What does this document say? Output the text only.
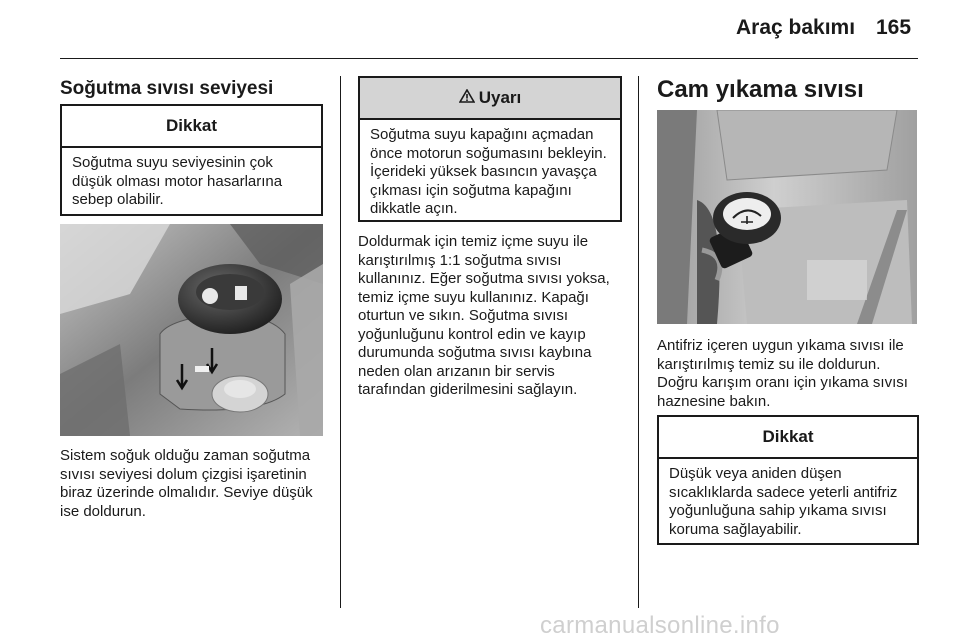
Araç bakımı 165
Soğutma sıvısı seviyesi
Dikkat
Soğutma suyu seviyesinin çok düşük olması motor hasarlarına sebep olabilir.

Sistem soğuk olduğu zaman soğutma sıvısı seviyesi dolum çizgisi işaretinin biraz üzerinde olmalıdır. Seviye düşük ise doldurun.

Uyarı
Soğutma suyu kapağını açmadan önce motorun soğumasını bekleyin. İçerideki yüksek basıncın yavaşça çıkması için soğutma kapağını dikkatle açın.

Doldurmak için temiz içme suyu ile karıştırılmış 1:1 soğutma sıvısı kullanınız. Eğer soğutma sıvısı yoksa, temiz içme suyu kullanınız. Kapağı oturtun ve sıkın. Soğutma sıvısı yoğunluğunu kontrol edin ve kayıp durumunda soğutma sıvısı kaybına neden olan arızanın bir servis tarafından giderilmesini sağlayın.

Cam yıkama sıvısı

Antifriz içeren uygun yıkama sıvısı ile karıştırılmış temiz su ile doldurun. Doğru karışım oranı için yıkama sıvısı haznesine bakın.

Dikkat
Düşük veya aniden düşen sıcaklıklarda sadece yeterli antifriz yoğunluğuna sahip yıkama sıvısı koruma sağlayabilir.
carmanualsonline.info
